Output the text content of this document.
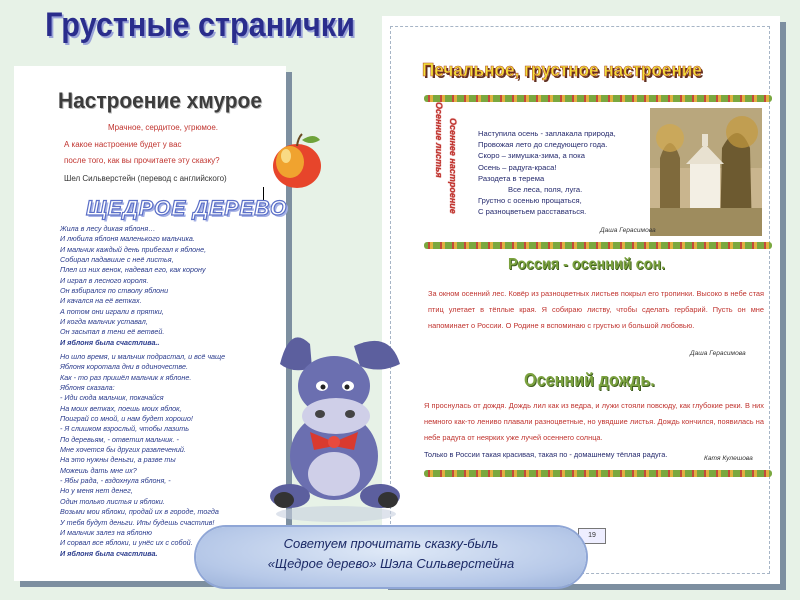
Грустные странички
Настроение хмурое
Мрачное, сердитое, угрюмое.
А какое настроение будет у вас
после того, как вы прочитаете эту сказку?
Шел Сильверстейн (перевод с английского)
ЩЕДРОЕ ДЕРЕВО
Жила в лесу дикая яблоня…
И любила яблоня маленького мальчика.
И мальчик каждый день прибегал к яблоне,
Собирал падавшие с неё листья,
Плел из них венок, надевал его, как корону
И играл в лесного короля.
Он взбирался по стволу яблони
И качался на её ветках.
А потом они играли в прятки,
И когда мальчик уставал,
Он засыпал в тени её ветвей.
И яблоня была счастлива..
Но шло время, и мальчик подрастал, и всё чаще
Яблоня коротала дни в одиночестве.
Как - то раз пришёл мальчик к яблоне.
Яблоня сказала:
- Иди сюда мальчик, покачайся
На моих ветках, поешь моих яблок,
Поиграй со мной, и нам будет хорошо!
- Я слишком взрослый, чтобы лазить
По деревьям, - ответил мальчик. -
Мне хочется бы других развлечений.
На это нужны деньги, а разве ты
Можешь дать мне их?
- Ябы рада, - вздохнула яблоня, -
Но у меня нет денег,
Один только листья и яблоки.
Возьми мои яблоки, продай их в городе, тогда
У тебя будут деньги. Ипы будешь счастлив!
И мальчик залез на яблоню
И сорвал все яблоки, и унёс их с собой.
И яблоня была счастлива.
Печальное, грустное настроение
Осенние листья Осеннее настроение	Наступила осень - заплакала природа,
Провожая лето до следующего года.
Скоро – зимушка-зима, а пока
Осень – радуга-краса!
Разодета в терема
Все леса, поля, луга.
Грустно с осенью прощаться,
С разноцветьем расставаться.
Даша Герасимова
Россия - осенний сон.
За окном осенний лес. Ковёр из разноцветных листьев покрыл его тропинки. Высоко в небе стая птиц улетает в тёплые края. Я собираю листву, чтобы сделать гербарий. Пусть он мне напоминает о России. О Родине я вспоминаю с грустью и большой любовью.
Даша Герасимова
Осенний дождь.
Я проснулась от дождя. Дождь лил как из ведра, и лужи стояли повсюду, как глубокие реки. В них немного как-то лениво плавали разноцветные, но увядшие листья. Дождь кончился, появилась на небе радуга от неярких уже лучей осеннего солнца.
Только в России такая красивая, такая по - домашнему тёплая радуга.	Катя Кулешова
19
Советуем прочитать сказку-быль
«Щедрое дерево» Шэла Сильверстейна
